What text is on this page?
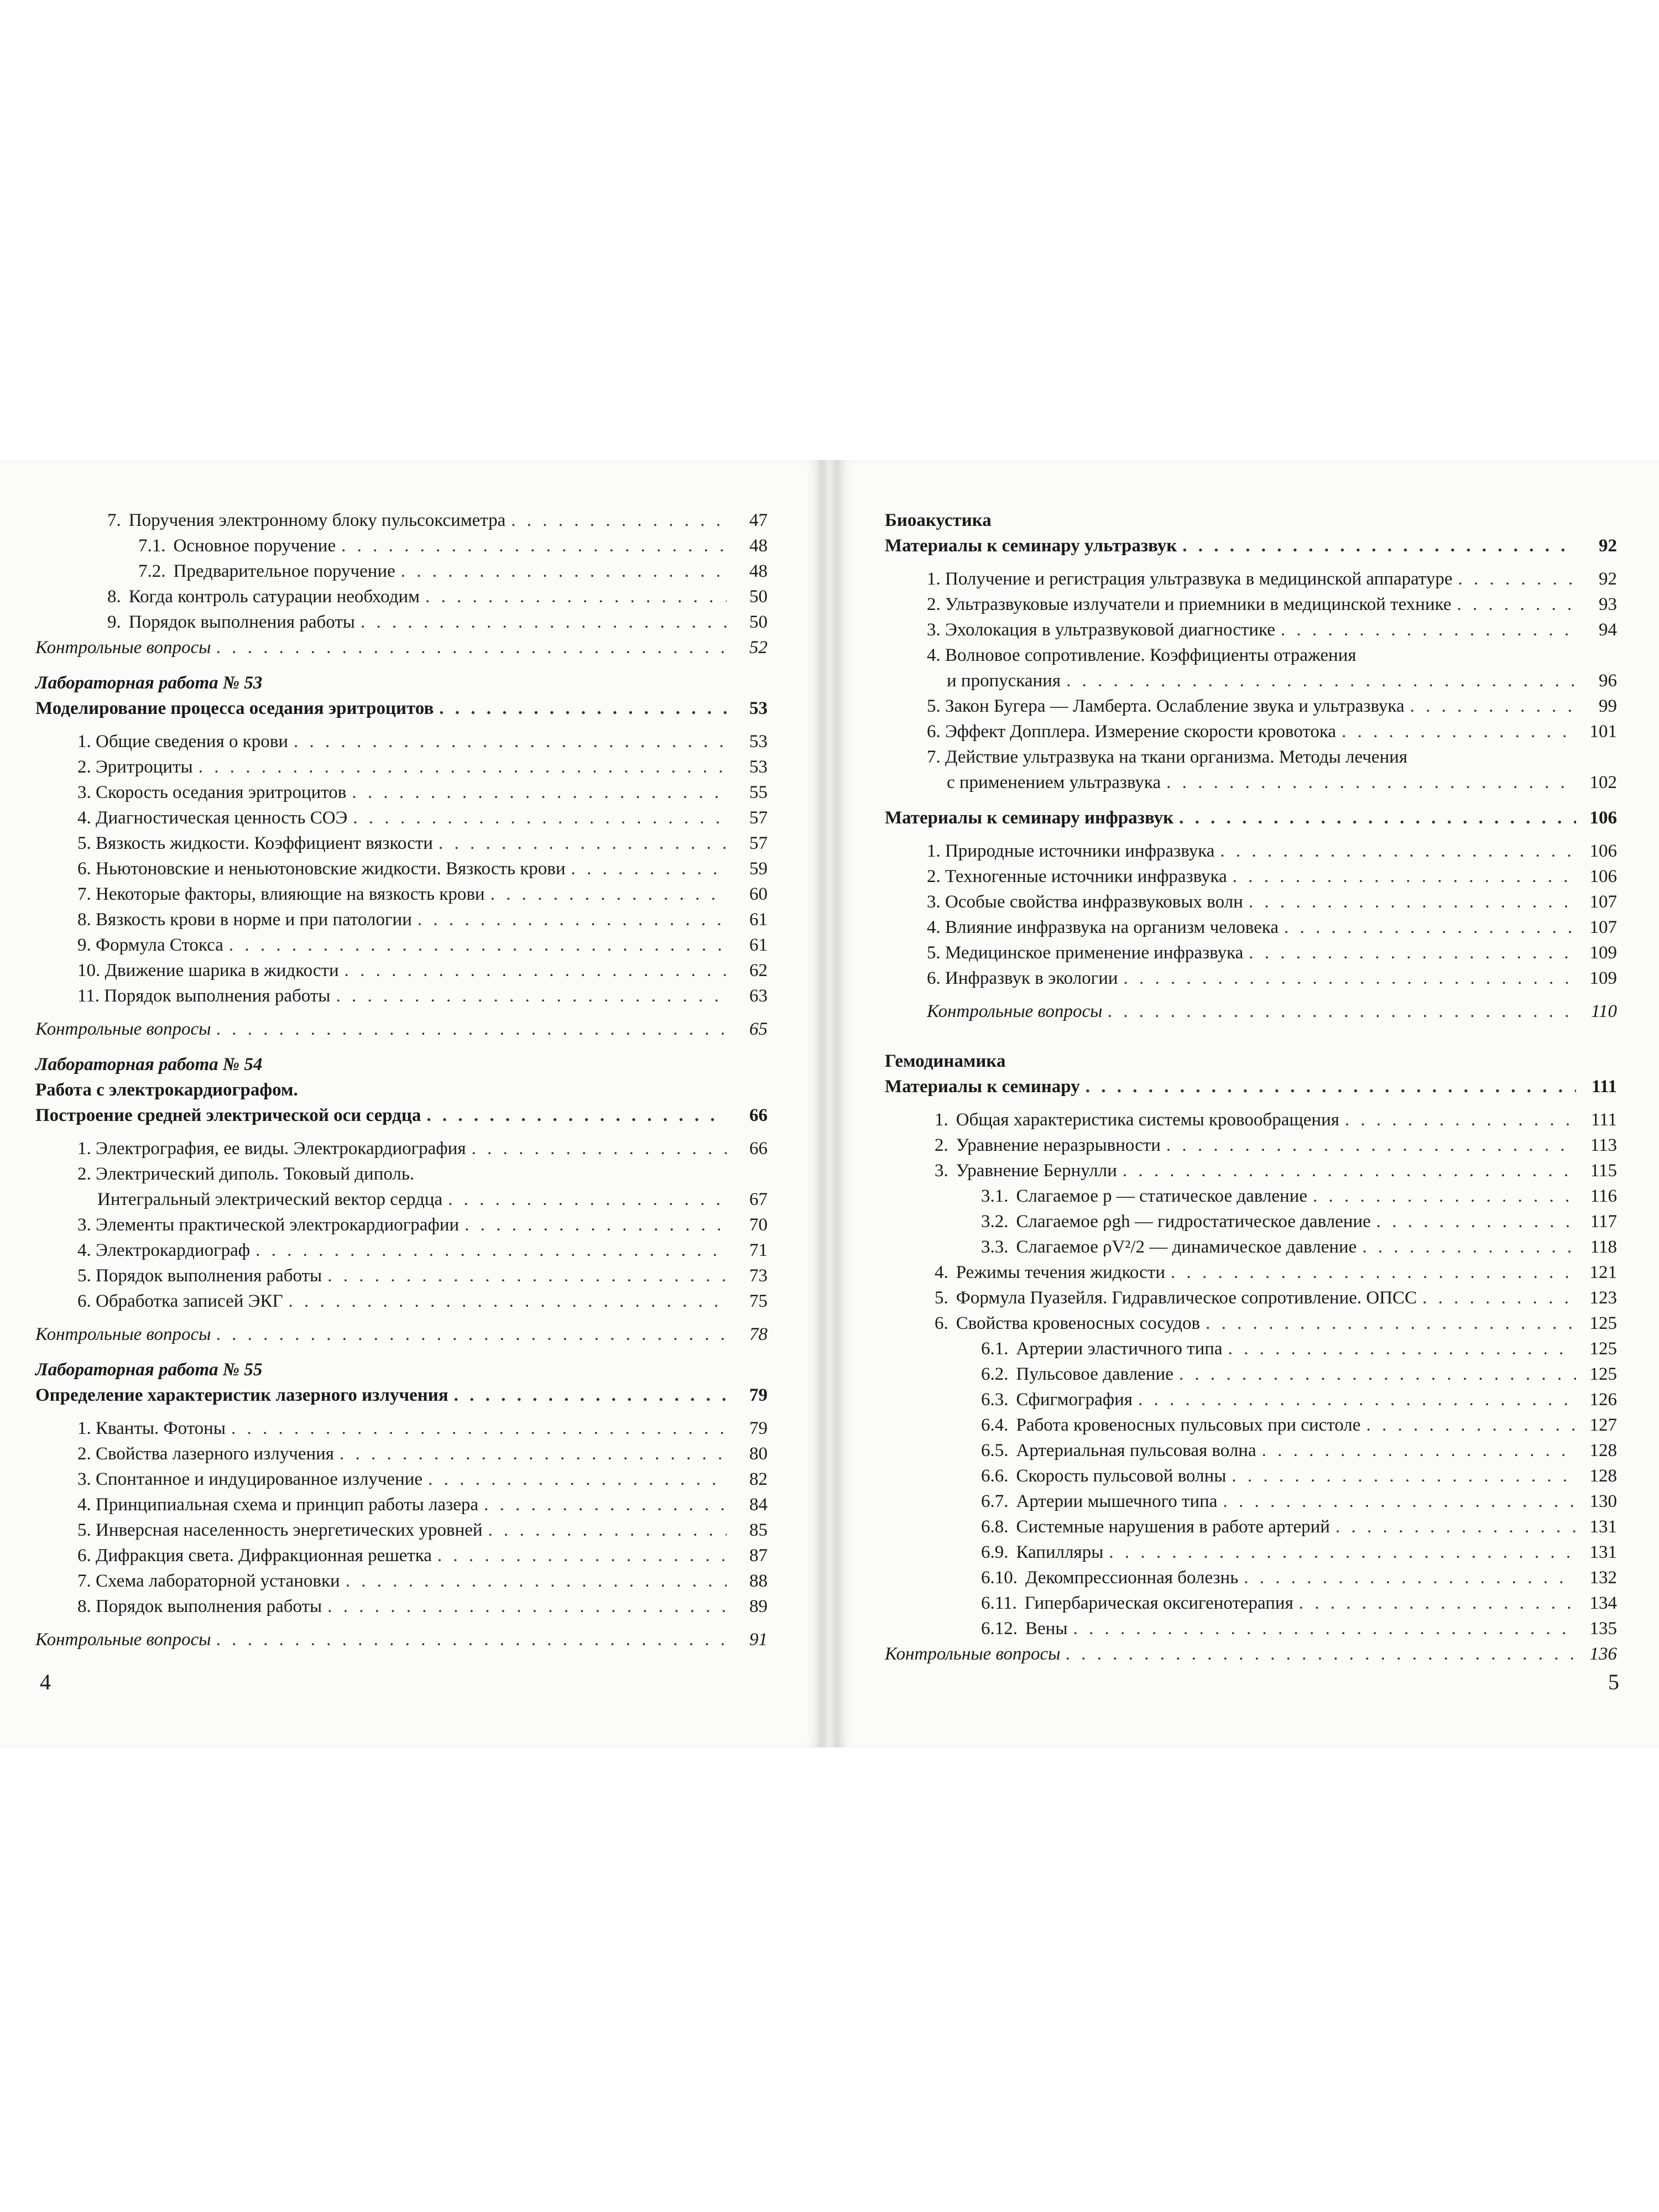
7. Поручения электронному блоку пульсоксиметра . . .	47
7.1. Основное поручение . . .	48
7.2. Предварительное поручение . . .	48
8. Когда контроль сатурации необходим . . .	50
9. Порядок выполнения работы . . .	50
Контрольные вопросы . . .	52
Лабораторная работа № 53
Моделирование процесса оседания эритроцитов . . .	53
1. Общие сведения о крови . . .	53
2. Эритроциты . . .	53
3. Скорость оседания эритроцитов . . .	55
4. Диагностическая ценность СОЭ . . .	57
5. Вязкость жидкости. Коэффициент вязкости . . .	57
6. Ньютоновские и неньютоновские жидкости. Вязкость крови . . .	59
7. Некоторые факторы, влияющие на вязкость крови . . .	60
8. Вязкость крови в норме и при патологии . . .	61
9. Формула Стокса . . .	61
10. Движение шарика в жидкости . . .	62
11. Порядок выполнения работы . . .	63
Контрольные вопросы . . .	65
Лабораторная работа № 54
Работа с электрокардиографом.
Построение средней электрической оси сердца . . .	66
1. Электрография, ее виды. Электрокардиография . . .	66
2. Электрический диполь. Токовый диполь.
Интегральный электрический вектор сердца . . .	67
3. Элементы практической электрокардиографии . . .	70
4. Электрокардиограф . . .	71
5. Порядок выполнения работы . . .	73
6. Обработка записей ЭКГ . . .	75
Контрольные вопросы . . .	78
Лабораторная работа № 55
Определение характеристик лазерного излучения . . .	79
1. Кванты. Фотоны . . .	79
2. Свойства лазерного излучения . . .	80
3. Спонтанное и индуцированное излучение . . .	82
4. Принципиальная схема и принцип работы лазера . . .	84
5. Инверсная населенность энергетических уровней . . .	85
6. Дифракция света. Дифракционная решетка . . .	87
7. Схема лабораторной установки . . .	88
8. Порядок выполнения работы . . .	89
Контрольные вопросы . . .	91
4
Биоакустика
Материалы к семинару ультразвук . . .	92
1. Получение и регистрация ультразвука в медицинской аппаратуре . . .	92
2. Ультразвуковые излучатели и приемники в медицинской технике . . .	93
3. Эхолокация в ультразвуковой диагностике . . .	94
4. Волновое сопротивление. Коэффициенты отражения
и пропускания . . .	96
5. Закон Бугера — Ламберта. Ослабление звука и ультразвука . . .	99
6. Эффект Допплера. Измерение скорости кровотока . . .	101
7. Действие ультразвука на ткани организма. Методы лечения
с применением ультразвука . . .	102
Материалы к семинару инфразвук . . .	106
1. Природные источники инфразвука . . .	106
2. Техногенные источники инфразвука . . .	106
3. Особые свойства инфразвуковых волн . . .	107
4. Влияние инфразвука на организм человека . . .	107
5. Медицинское применение инфразвука . . .	109
6. Инфразвук в экологии . . .	109
Контрольные вопросы . . .	110
Гемодинамика
Материалы к семинару . . .	111
1. Общая характеристика системы кровообращения . . .	111
2. Уравнение неразрывности . . .	113
3. Уравнение Бернулли . . .	115
3.1. Слагаемое p — статическое давление . . .	116
3.2. Слагаемое ρgh — гидростатическое давление . . .	117
3.3. Слагаемое ρV²/2 — динамическое давление . . .	118
4. Режимы течения жидкости . . .	121
5. Формула Пуазейля. Гидравлическое сопротивление. ОПСС . . .	123
6. Свойства кровеносных сосудов . . .	125
6.1. Артерии эластичного типа . . .	125
6.2. Пульсовое давление . . .	125
6.3. Сфигмография . . .	126
6.4. Работа кровеносных пульсовых при систоле . . .	127
6.5. Артериальная пульсовая волна . . .	128
6.6. Скорость пульсовой волны . . .	128
6.7. Артерии мышечного типа . . .	130
6.8. Системные нарушения в работе артерий . . .	131
6.9. Капилляры . . .	131
6.10. Декомпрессионная болезнь . . .	132
6.11. Гипербарическая оксигенотерапия . . .	134
6.12. Вены . . .	135
Контрольные вопросы . . .	136
5
